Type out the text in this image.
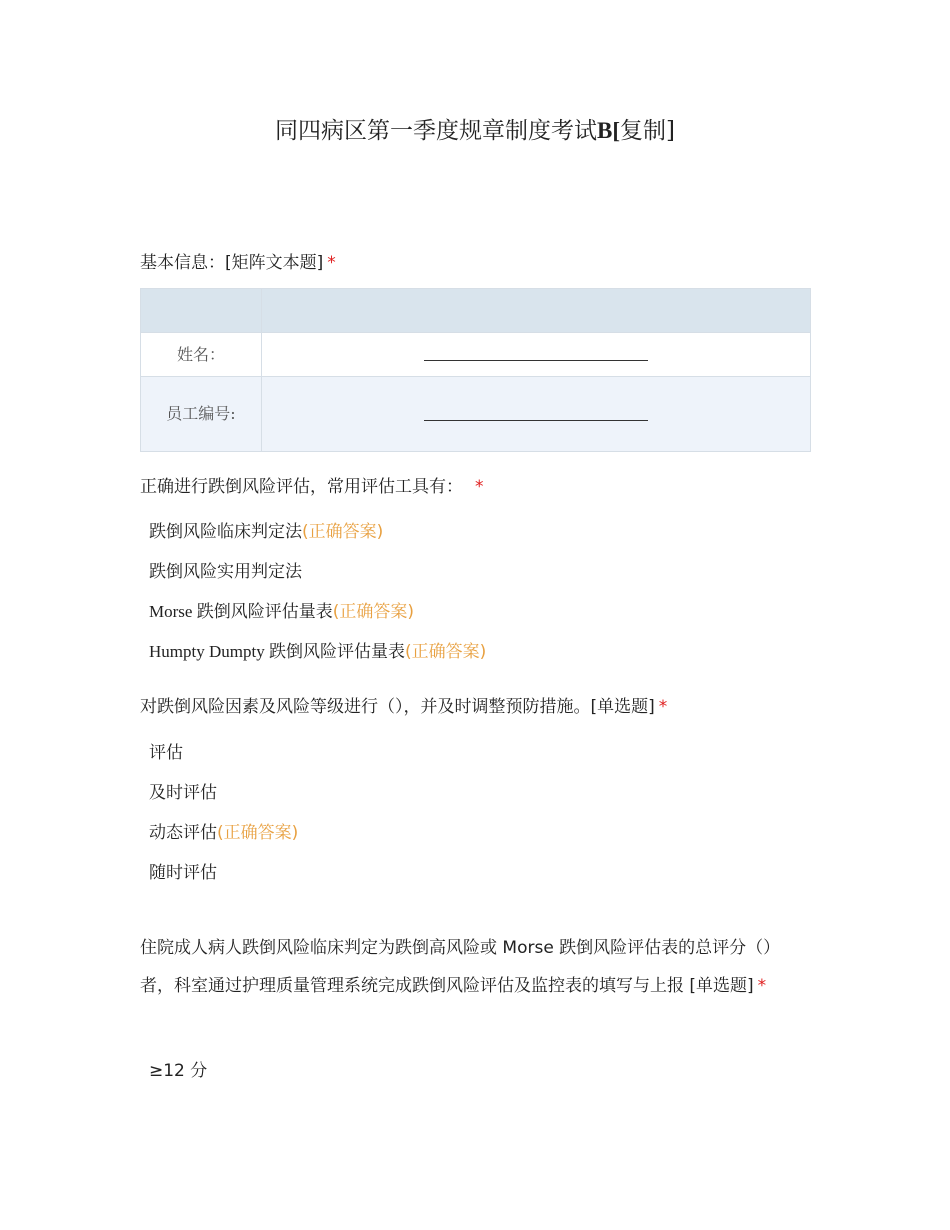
同四病区第一季度规章制度考试B[复制]
基本信息：[矩阵文本题] *

姓名：	
员工编号:	
正确进行跌倒风险评估，常用评估工具有： *
跌倒风险临床判定法(正确答案)
跌倒风险实用判定法
Morse 跌倒风险评估量表(正确答案)
Humpty Dumpty 跌倒风险评估量表(正确答案)
对跌倒风险因素及风险等级进行（），并及时调整预防措施。[单选题] *
评估
及时评估
动态评估(正确答案)
随时评估
住院成人病人跌倒风险临床判定为跌倒高风险或 Morse 跌倒风险评估表的总评分（）者，科室通过护理质量管理系统完成跌倒风险评估及监控表的填写与上报 [单选题] *
≥12 分
